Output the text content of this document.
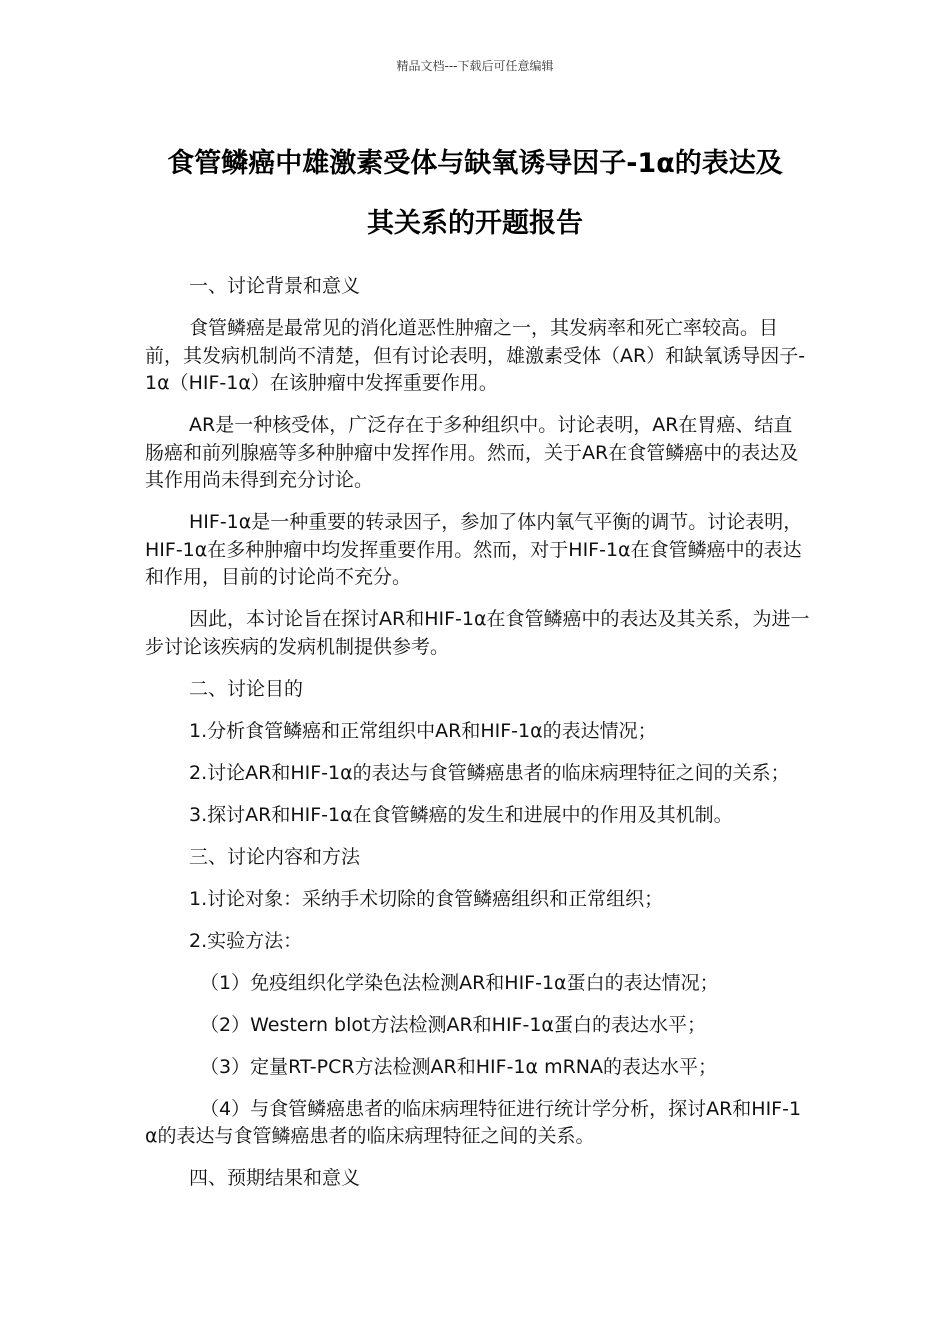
精品文档---下载后可任意编辑
食管鳞癌中雄激素受体与缺氧诱导因子-1α的表达及
其关系的开题报告

一、讨论背景和意义

食管鳞癌是最常见的消化道恶性肿瘤之一，其发病率和死亡率较高。目前，其发病机制尚不清楚，但有讨论表明，雄激素受体（AR）和缺氧诱导因子-1α（HIF-1α）在该肿瘤中发挥重要作用。

AR是一种核受体，广泛存在于多种组织中。讨论表明，AR在胃癌、结直肠癌和前列腺癌等多种肿瘤中发挥作用。然而，关于AR在食管鳞癌中的表达及其作用尚未得到充分讨论。

HIF-1α是一种重要的转录因子，参加了体内氧气平衡的调节。讨论表明，HIF-1α在多种肿瘤中均发挥重要作用。然而，对于HIF-1α在食管鳞癌中的表达和作用，目前的讨论尚不充分。

因此，本讨论旨在探讨AR和HIF-1α在食管鳞癌中的表达及其关系，为进一步讨论该疾病的发病机制提供参考。

二、讨论目的

1.分析食管鳞癌和正常组织中AR和HIF-1α的表达情况；

2.讨论AR和HIF-1α的表达与食管鳞癌患者的临床病理特征之间的关系；

3.探讨AR和HIF-1α在食管鳞癌的发生和进展中的作用及其机制。

三、讨论内容和方法

1.讨论对象：采纳手术切除的食管鳞癌组织和正常组织；

2.实验方法：

（1）免疫组织化学染色法检测AR和HIF-1α蛋白的表达情况；

（2）Western blot方法检测AR和HIF-1α蛋白的表达水平；

（3）定量RT-PCR方法检测AR和HIF-1α mRNA的表达水平；

（4）与食管鳞癌患者的临床病理特征进行统计学分析，探讨AR和HIF-1α的表达与食管鳞癌患者的临床病理特征之间的关系。

四、预期结果和意义
